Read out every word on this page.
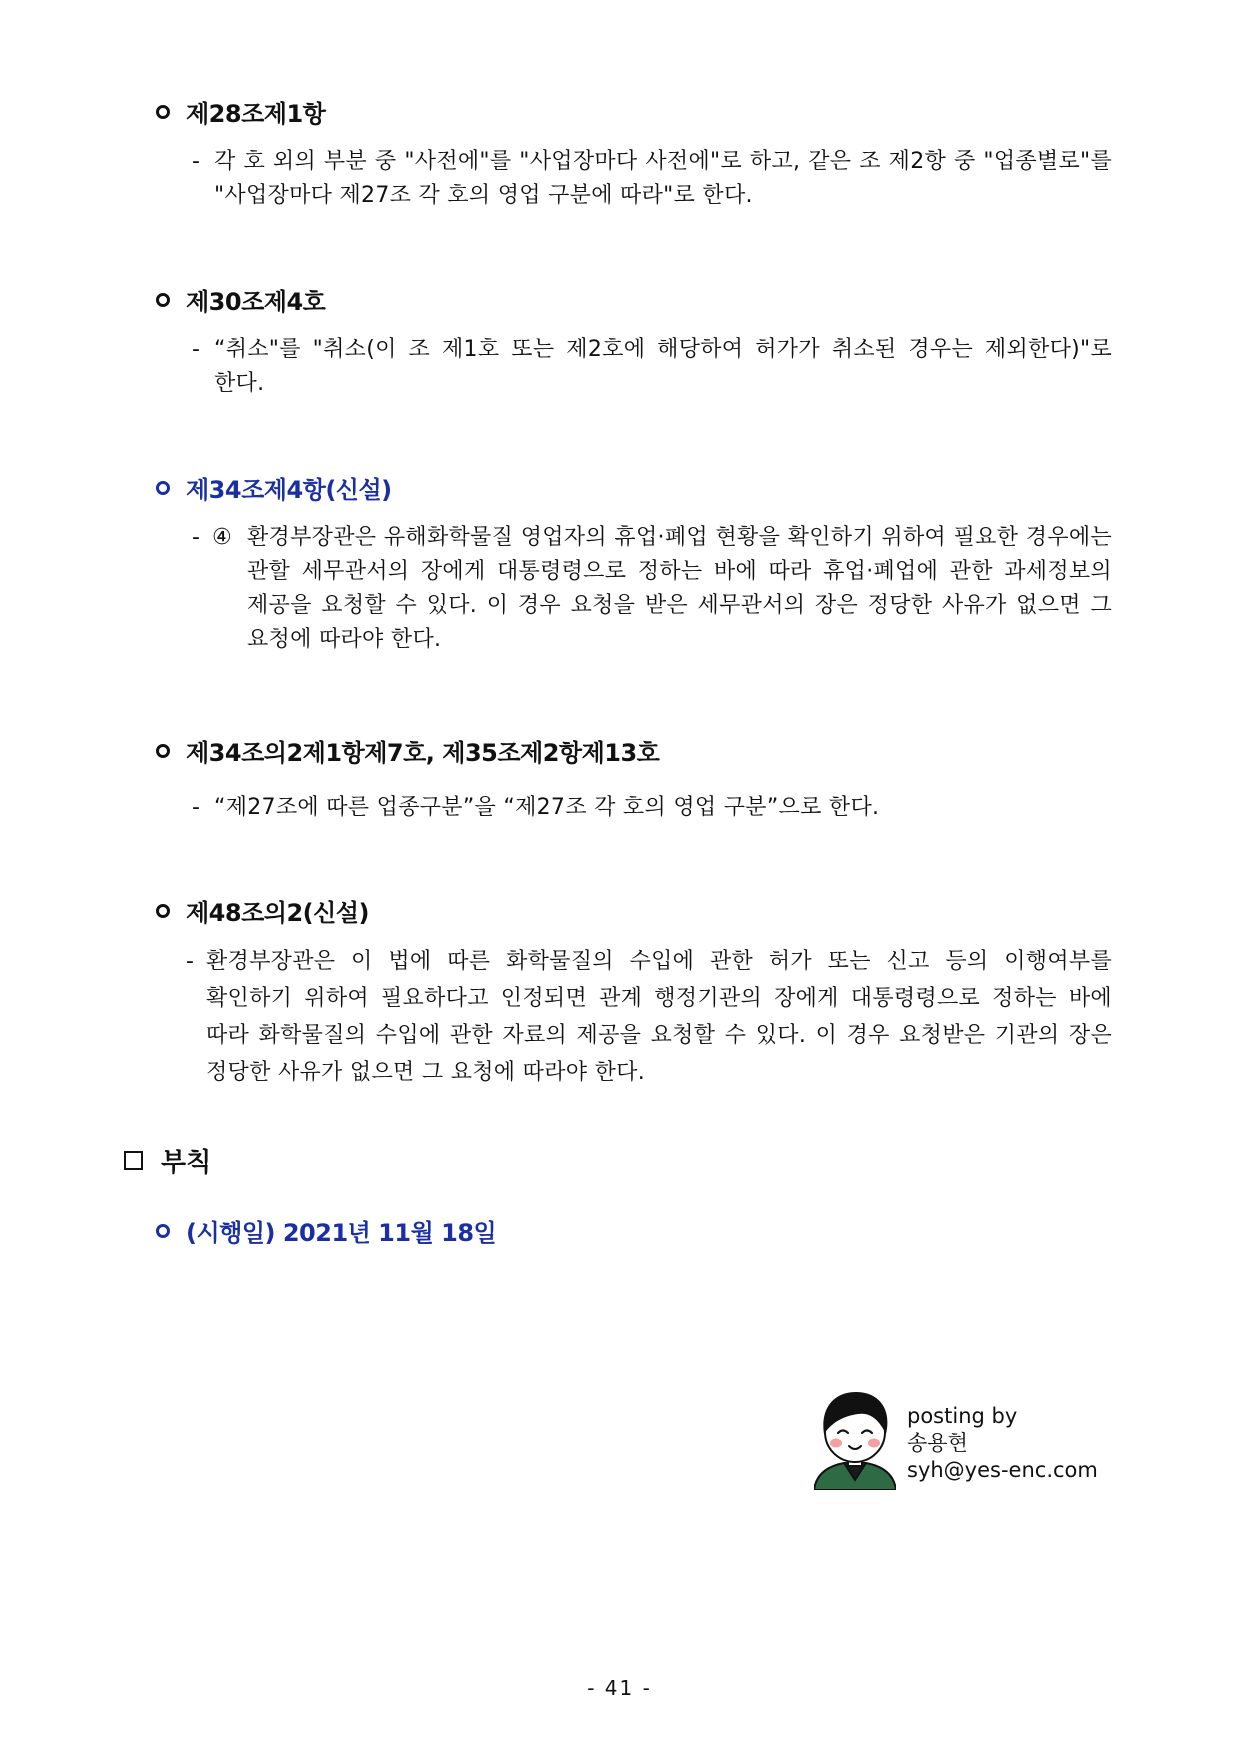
제28조제1항
- 각 호 외의 부분 중 "사전에"를 "사업장마다 사전에"로 하고, 같은 조 제2항 중 "업종별로"를 "사업장마다 제27조 각 호의 영업 구분에 따라"로 한다.
제30조제4호
- “취소"를 "취소(이 조 제1호 또는 제2호에 해당하여 허가가 취소된 경우는 제외한다)"로 한다.
제34조제4항(신설)
- ④ 환경부장관은 유해화학물질 영업자의 휴업·폐업 현황을 확인하기 위하여 필요한 경우에는 관할 세무관서의 장에게 대통령령으로 정하는 바에 따라 휴업·폐업에 관한 과세정보의 제공을 요청할 수 있다. 이 경우 요청을 받은 세무관서의 장은 정당한 사유가 없으면 그 요청에 따라야 한다.
제34조의2제1항제7호, 제35조제2항제13호
- “제27조에 따른 업종구분”을 “제27조 각 호의 영업 구분”으로 한다.
제48조의2(신설)
- 환경부장관은 이 법에 따른 화학물질의 수입에 관한 허가 또는 신고 등의 이행여부를 확인하기 위하여 필요하다고 인정되면 관계 행정기관의 장에게 대통령령으로 정하는 바에 따라 화학물질의 수입에 관한 자료의 제공을 요청할 수 있다. 이 경우 요청받은 기관의 장은 정당한 사유가 없으면 그 요청에 따라야 한다.
부칙
(시행일) 2021년 11월 18일
posting by
송용현
syh@yes-enc.com
- 41 -
